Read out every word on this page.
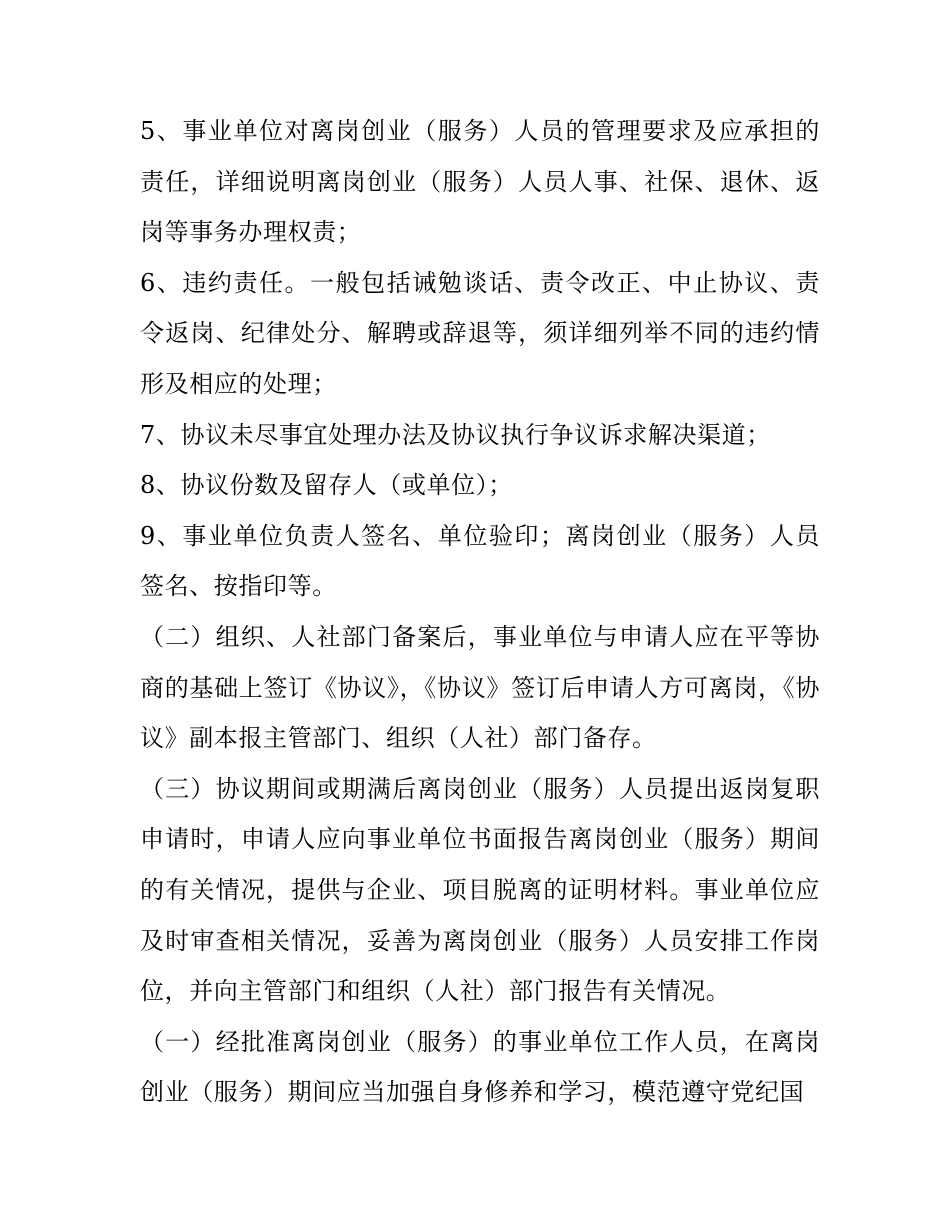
5、事业单位对离岗创业（服务）人员的管理要求及应承担的责任，详细说明离岗创业（服务）人员人事、社保、退休、返岗等事务办理权责；

6、违约责任。一般包括诫勉谈话、责令改正、中止协议、责令返岗、纪律处分、解聘或辞退等，须详细列举不同的违约情形及相应的处理；

7、协议未尽事宜处理办法及协议执行争议诉求解决渠道；

8、协议份数及留存人（或单位）；

9、事业单位负责人签名、单位验印；离岗创业（服务）人员签名、按指印等。

（二）组织、人社部门备案后，事业单位与申请人应在平等协商的基础上签订《协议》，《协议》签订后申请人方可离岗，《协议》副本报主管部门、组织（人社）部门备存。

（三）协议期间或期满后离岗创业（服务）人员提出返岗复职申请时，申请人应向事业单位书面报告离岗创业（服务）期间的有关情况，提供与企业、项目脱离的证明材料。事业单位应及时审查相关情况，妥善为离岗创业（服务）人员安排工作岗位，并向主管部门和组织（人社）部门报告有关情况。

（一）经批准离岗创业（服务）的事业单位工作人员，在离岗创业（服务）期间应当加强自身修养和学习，模范遵守党纪国
